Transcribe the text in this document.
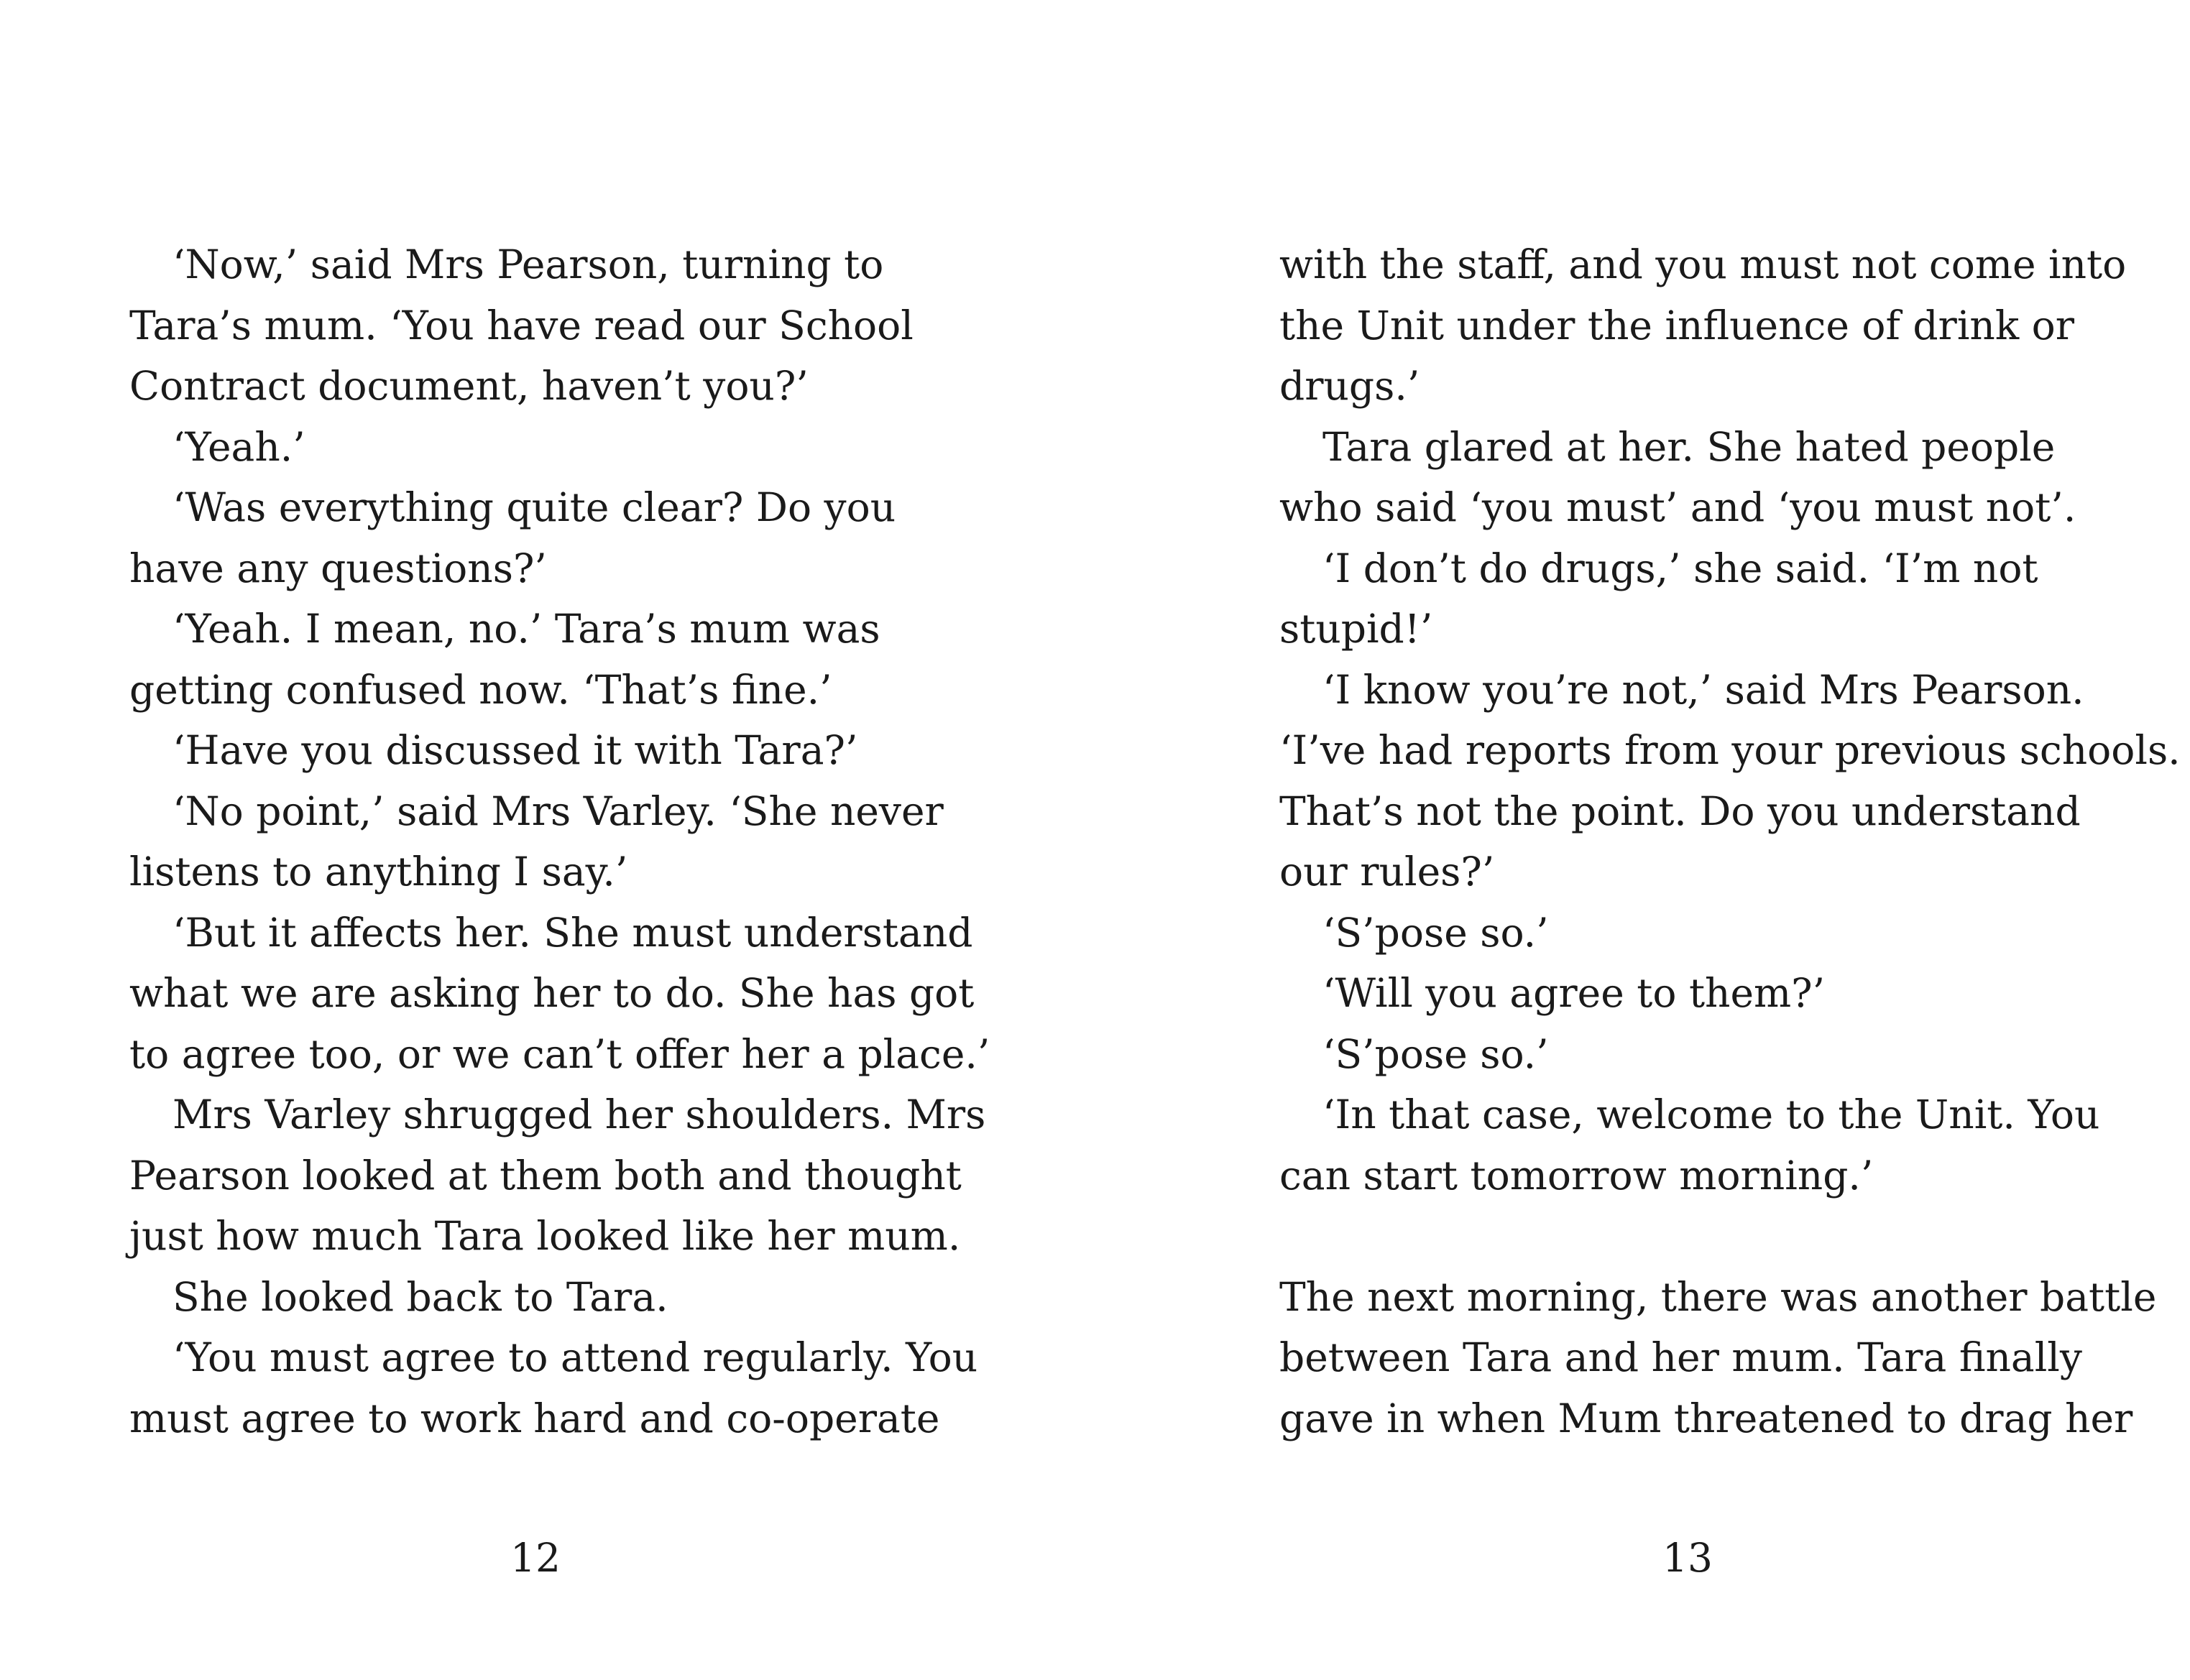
‘Now,’ said Mrs Pearson, turning to
Tara’s mum. ‘You have read our School
Contract document, haven’t you?’
‘Yeah.’
‘Was everything quite clear? Do you
have any questions?’
‘Yeah. I mean, no.’ Tara’s mum was
getting confused now. ‘That’s fine.’
‘Have you discussed it with Tara?’
‘No point,’ said Mrs Varley. ‘She never
listens to anything I say.’
‘But it affects her. She must understand
what we are asking her to do. She has got
to agree too, or we can’t offer her a place.’
Mrs Varley shrugged her shoulders. Mrs
Pearson looked at them both and thought
just how much Tara looked like her mum.
She looked back to Tara.
‘You must agree to attend regularly. You
must agree to work hard and co-operate
12
with the staff, and you must not come into
the Unit under the influence of drink or
drugs.’
Tara glared at her. She hated people
who said ‘you must’ and ‘you must not’.
‘I don’t do drugs,’ she said. ‘I’m not
stupid!’
‘I know you’re not,’ said Mrs Pearson.
‘I’ve had reports from your previous schools.
That’s not the point. Do you understand
our rules?’
‘S’pose so.’
‘Will you agree to them?’
‘S’pose so.’
‘In that case, welcome to the Unit. You
can start tomorrow morning.’
The next morning, there was another battle
between Tara and her mum. Tara finally
gave in when Mum threatened to drag her
13
